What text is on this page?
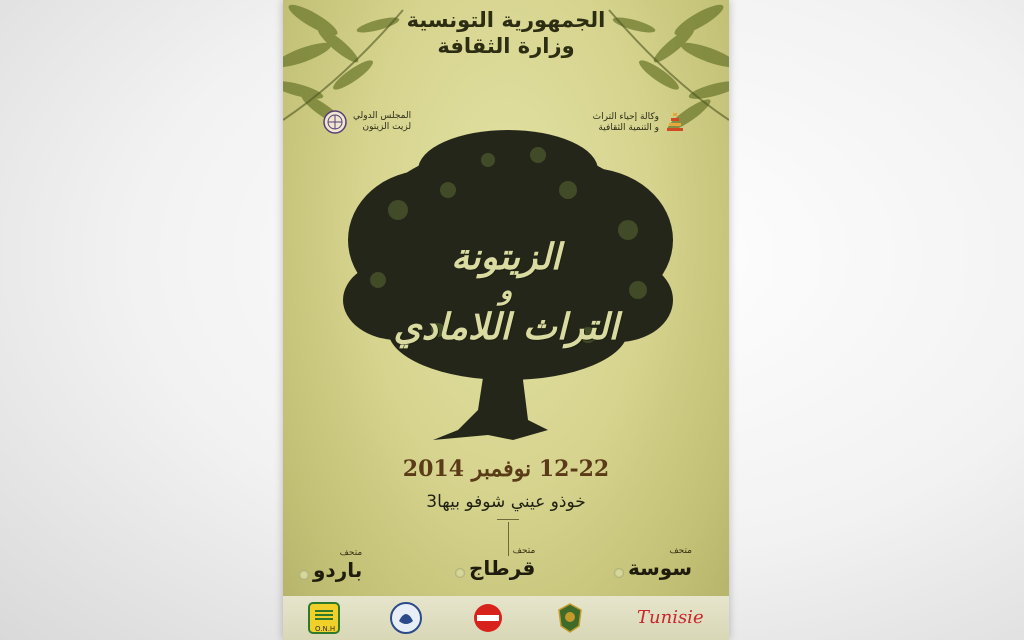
الجمهورية التونسية
وزارة الثقافة
المجلس الدولي
لزيت الزيتون
وكالة إحياء التراث
و التنمية الثقافية
الزيتونة
و
التراث اللامادي
12-22 نوفمبر 2014
خوذو عيني شوفو بيها3
متحف
باردو
متحف
قرطاج
متحف
سوسة
O.N.H
Tunisie
